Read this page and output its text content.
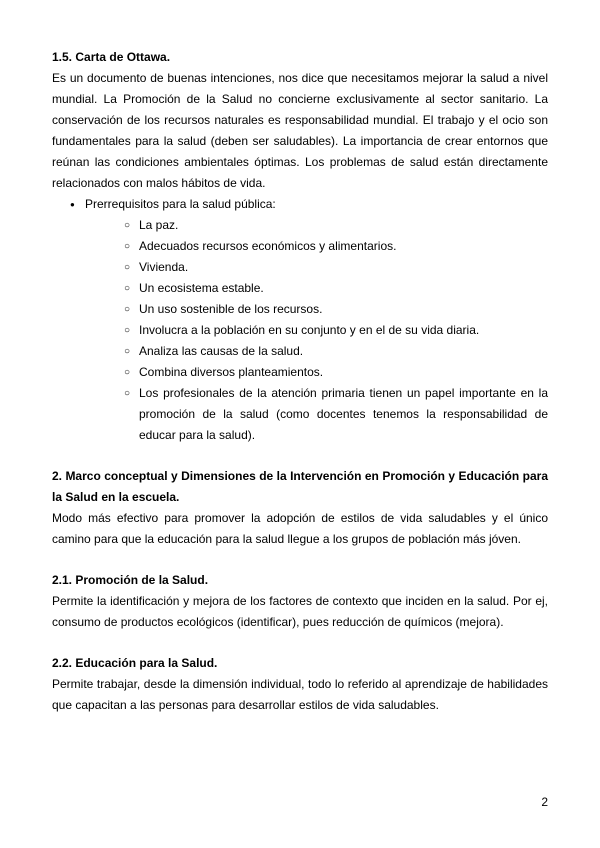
1.5. Carta de Ottawa.

Es un documento de buenas intenciones, nos dice que necesitamos mejorar la salud a nivel mundial. La Promoción de la Salud no concierne exclusivamente al sector sanitario. La conservación de los recursos naturales es responsabilidad mundial. El trabajo y el ocio son fundamentales para la salud (deben ser saludables). La importancia de crear entornos que reúnan las condiciones ambientales óptimas. Los problemas de salud están directamente relacionados con malos hábitos de vida.

● Prerrequisitos para la salud pública:
○ La paz.
○ Adecuados recursos económicos y alimentarios.
○ Vivienda.
○ Un ecosistema estable.
○ Un uso sostenible de los recursos.
○ Involucra a la población en su conjunto y en el de su vida diaria.
○ Analiza las causas de la salud.
○ Combina diversos planteamientos.
○ Los profesionales de la atención primaria tienen un papel importante en la promoción de la salud (como docentes tenemos la responsabilidad de educar para la salud).
2. Marco conceptual y Dimensiones de la Intervención en Promoción y Educación para la Salud en la escuela.

Modo más efectivo para promover la adopción de estilos de vida saludables y el único camino para que la educación para la salud llegue a los grupos de población más jóven.

2.1. Promoción de la Salud.

Permite la identificación y mejora de los factores de contexto que inciden en la salud. Por ej, consumo de productos ecológicos (identificar), pues reducción de químicos (mejora).

2.2. Educación para la Salud.

Permite trabajar, desde la dimensión individual, todo lo referido al aprendizaje de habilidades que capacitan a las personas para desarrollar estilos de vida saludables.

2
